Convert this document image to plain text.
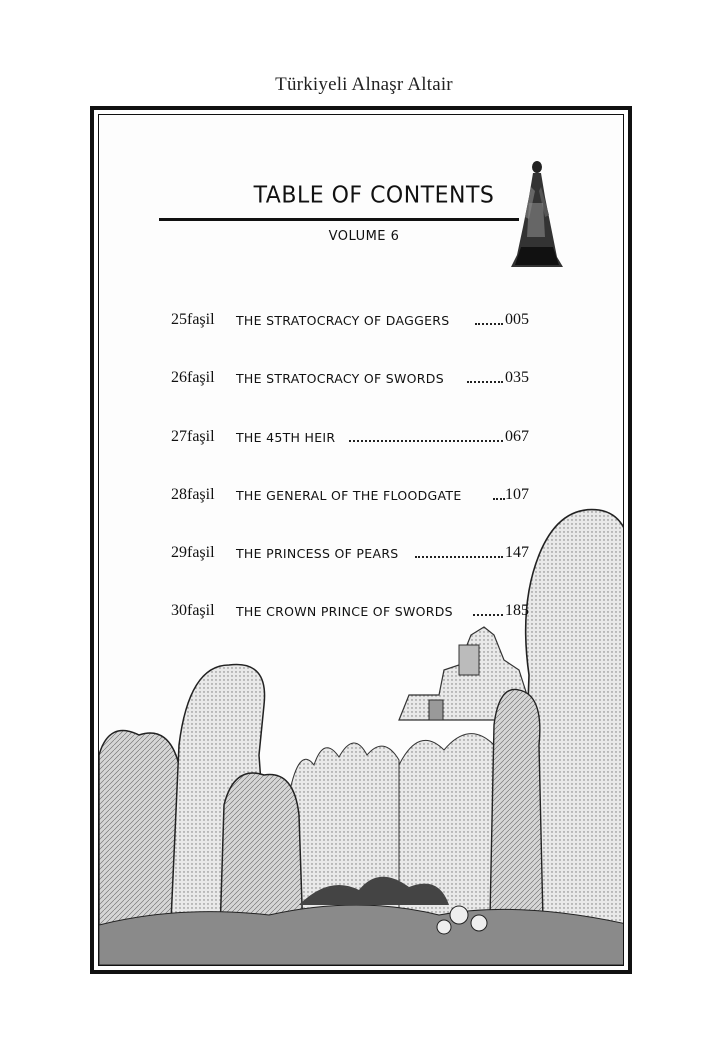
Türkiyeli Alnaşr Altair
TABLE OF CONTENTS
VOLUME 6
25faşil THE STRATOCRACY OF DAGGERS	005
26faşil THE STRATOCRACY OF SWORDS	035
27faşil THE 45TH HEIR	067
28faşil THE GENERAL OF THE FLOODGATE	107
29faşil THE PRINCESS OF PEARS	147
30faşil THE CROWN PRINCE OF SWORDS	185
